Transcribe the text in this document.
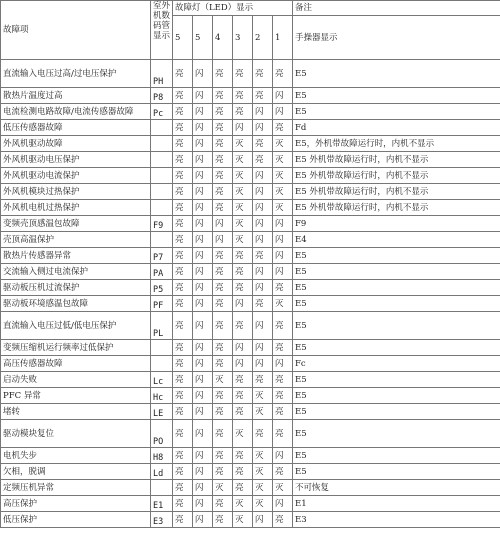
故障项	室外机数码管显示	故障灯（LED）显示						备注
		5	5	4	3	2	1	手操器显示
直流输入电压过高/过电压保护	PH	亮	闪	亮	亮	亮	亮	E5
散热片温度过高	P8	亮	闪	亮	亮	亮	闪	E5
电流检测电路故障/电流传感器故障	Pc	亮	闪	亮	亮	闪	闪	E5
低压传感器故障		亮	闪	亮	闪	闪	亮	Fd
外风机驱动故障		亮	闪	亮	灭	亮	灭	E5，外机带故障运行时，内机不显示
外风机驱动电压保护		亮	闪	亮	灭	亮	灭	E5 外机带故障运行时，内机不显示
外风机驱动电流保护		亮	闪	亮	灭	闪	灭	E5 外机带故障运行时，内机不显示
外风机模块过热保护		亮	闪	亮	灭	闪	灭	E5 外机带故障运行时，内机不显示
外风机电机过热保护		亮	闪	亮	灭	闪	灭	E5 外机带故障运行时，内机不显示
变频壳顶感温包故障	F9	亮	闪	闪	灭	闪	闪	F9
壳顶高温保护		亮	闪	闪	灭	闪	闪	E4
散热片传感器异常	P7	亮	闪	亮	亮	亮	闪	E5
交流输入侧过电流保护	PA	亮	闪	亮	亮	闪	闪	E5
驱动板压机过流保护	P5	亮	闪	亮	亮	闪	亮	E5
驱动板环境感温包故障	PF	亮	闪	亮	闪	亮	灭	E5
直流输入电压过低/低电压保护	PL	亮	闪	亮	亮	闪	亮	E5
变频压缩机运行频率过低保护		亮	闪	亮	闪	闪	亮	E5
高压传感器故障		亮	闪	亮	闪	闪	闪	Fc
启动失败	Lc	亮	闪	灭	亮	亮	亮	E5
PFC 异常	Hc	亮	闪	亮	亮	灭	亮	E5
堵转	LE	亮	闪	亮	亮	灭	亮	E5
驱动模块复位	PO	亮	闪	亮	灭	亮	亮	E5
电机失步	H8	亮	闪	亮	亮	灭	闪	E5
欠相，脱调	Ld	亮	闪	亮	亮	灭	亮	E5
定频压机异常		亮	闪	灭	亮	灭	灭	不可恢复
高压保护	E1	亮	闪	亮	灭	灭	闪	E1
低压保护	E3	亮	闪	亮	灭	闪	亮	E3
